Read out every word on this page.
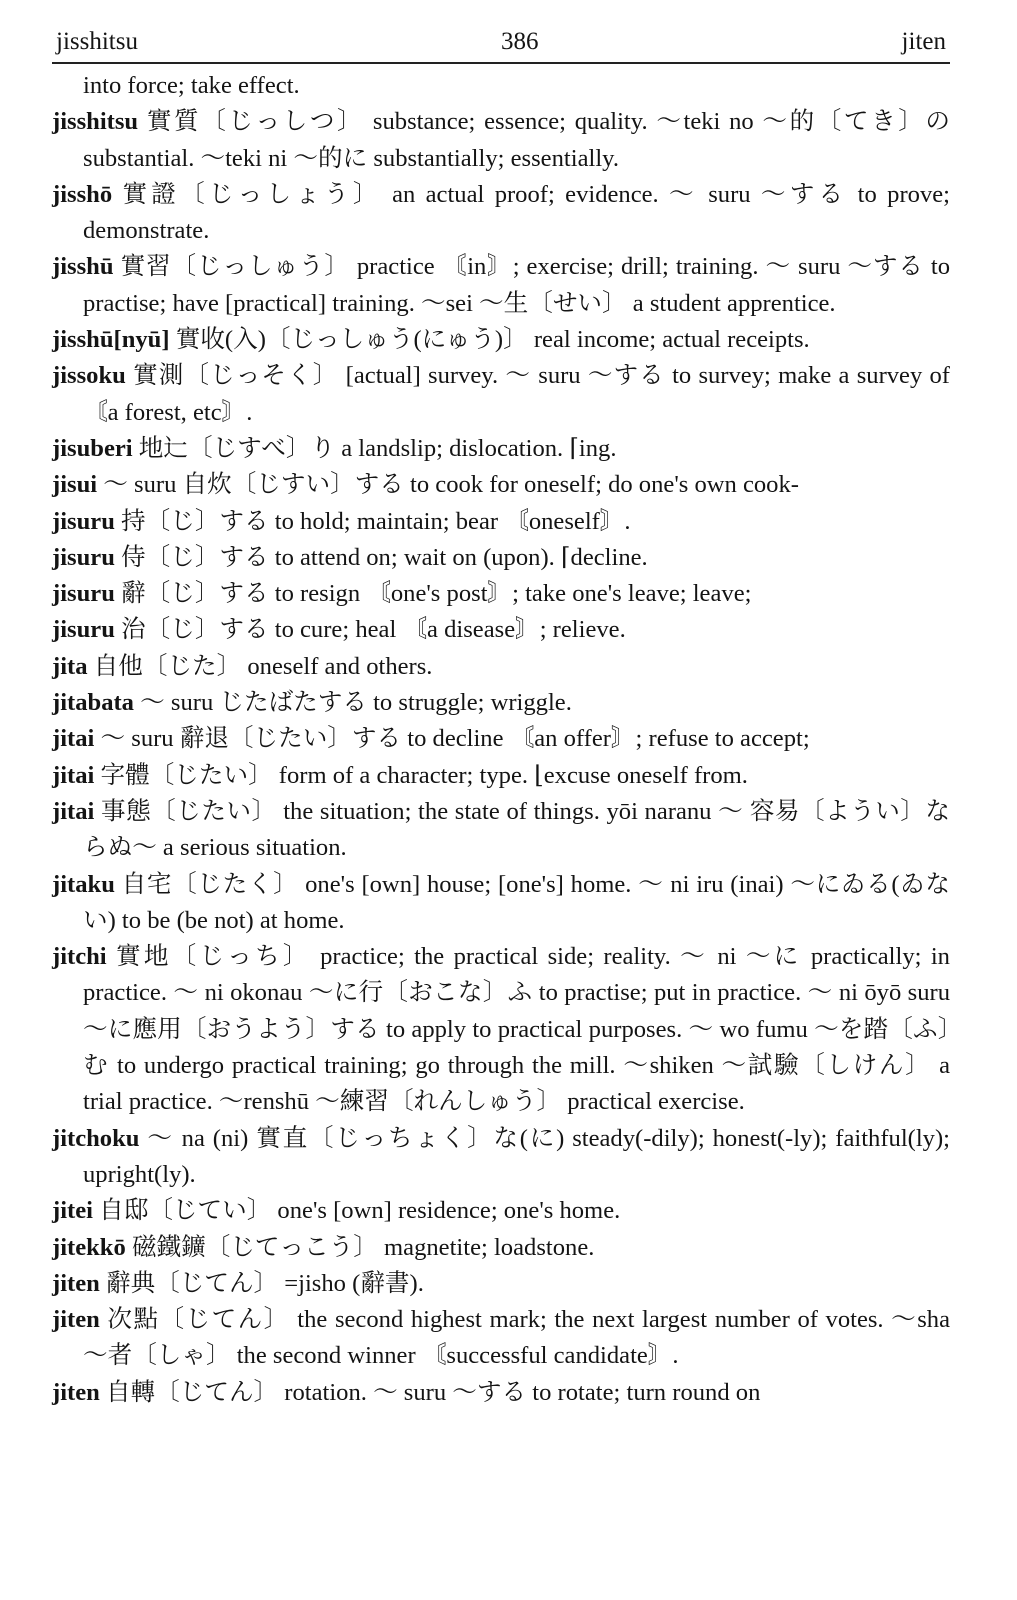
jisshitsu	386	jiten
into force; take effect.
jisshitsu 實質〔じっしつ〕 substance; essence; quality. ～teki no ～的〔てき〕の substantial. ～teki ni ～的に substantially; essentially.
jisshō 實證〔じっしょう〕 an actual proof; evidence. ～ suru ～する to prove; demonstrate.
jisshū 實習〔じっしゅう〕 practice 〘in〙; exercise; drill; training. ～ suru ～する to practise; have [practical] training. ～sei ～生〔せい〕 a student apprentice.
jisshū[nyū] 實收(入)〔じっしゅう(にゅう)〕 real income; actual receipts.
jissoku 實測〔じっそく〕 [actual] survey. ～ suru ～する to survey; make a survey of 〘a forest, etc〙.
jisuberi 地辷〔じすべ〕り a landslip; dislocation. ⌈ing.
jisui ～ suru 自炊〔じすい〕する to cook for oneself; do one's own cook-
jisuru 持〔じ〕する to hold; maintain; bear 〘oneself〙.
jisuru 侍〔じ〕する to attend on; wait on (upon). ⌈decline.
jisuru 辭〔じ〕する to resign 〘one's post〙; take one's leave; leave;
jisuru 治〔じ〕する to cure; heal 〘a disease〙; relieve.
jita 自他〔じた〕 oneself and others.
jitabata ～ suru じたばたする to struggle; wriggle.
jitai ～ suru 辭退〔じたい〕する to decline 〘an offer〙; refuse to accept;
jitai 字體〔じたい〕 form of a character; type. ⌊excuse oneself from.
jitai 事態〔じたい〕 the situation; the state of things. yōi naranu ～ 容易〔ようい〕ならぬ～ a serious situation.
jitaku 自宅〔じたく〕 one's [own] house; [one's] home. ～ ni iru (inai) ～にゐる(ゐない) to be (be not) at home.
jitchi 實地〔じっち〕 practice; the practical side; reality. ～ ni ～に practically; in practice. ～ ni okonau ～に行〔おこな〕ふ to practise; put in practice. ～ ni ōyō suru ～に應用〔おうよう〕する to apply to practical purposes. ～ wo fumu ～を踏〔ふ〕む to undergo practical training; go through the mill. ～shiken ～試驗〔しけん〕 a trial practice. ～renshū ～練習〔れんしゅう〕 practical exercise.
jitchoku ～ na (ni) 實直〔じっちょく〕な(に) steady(-dily); honest(-ly); faithful(ly); upright(ly).
jitei 自邸〔じてい〕 one's [own] residence; one's home.
jitekkō 磁鐵鑛〔じてっこう〕 magnetite; loadstone.
jiten 辭典〔じてん〕 =jisho (辭書).
jiten 次點〔じてん〕 the second highest mark; the next largest number of votes. ～sha ～者〔しゃ〕 the second winner 〘successful candidate〙.
jiten 自轉〔じてん〕 rotation. ～ suru ～する to rotate; turn round on
